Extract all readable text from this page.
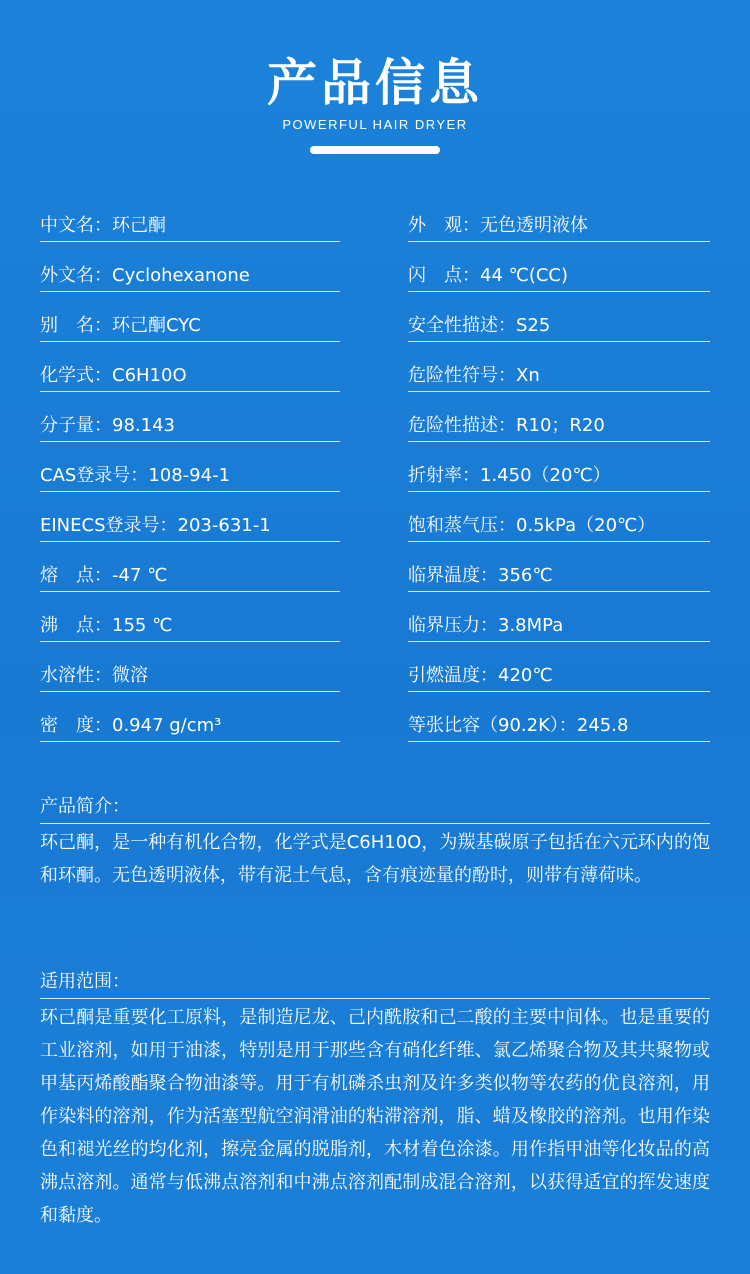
产品信息
POWERFUL HAIR DRYER
中文名：环己酮	外　观：无色透明液体
外文名：Cyclohexanone	闪　点：44 ℃(CC)
别　名：环己酮CYC	安全性描述：S25
化学式：C6H10O	危险性符号：Xn
分子量：98.143	危险性描述：R10；R20
CAS登录号：108-94-1	折射率：1.450（20℃）
EINECS登录号：203-631-1	饱和蒸气压：0.5kPa（20℃）
熔　点：-47 ℃	临界温度：356℃
沸　点：155 ℃	临界压力：3.8MPa
水溶性：微溶	引燃温度：420℃
密　度：0.947 g/cm³	等张比容（90.2K）：245.8
产品简介：
环己酮，是一种有机化合物，化学式是C6H10O，为羰基碳原子包括在六元环内的饱和环酮。无色透明液体，带有泥土气息，含有痕迹量的酚时，则带有薄荷味。
适用范围：
环己酮是重要化工原料，是制造尼龙、己内酰胺和己二酸的主要中间体。也是重要的工业溶剂，如用于油漆，特别是用于那些含有硝化纤维、氯乙烯聚合物及其共聚物或甲基丙烯酸酯聚合物油漆等。用于有机磷杀虫剂及许多类似物等农药的优良溶剂，用作染料的溶剂，作为活塞型航空润滑油的粘滞溶剂，脂、蜡及橡胶的溶剂。也用作染色和褪光丝的均化剂，擦亮金属的脱脂剂，木材着色涂漆。用作指甲油等化妆品的高沸点溶剂。通常与低沸点溶剂和中沸点溶剂配制成混合溶剂，以获得适宜的挥发速度和黏度。
